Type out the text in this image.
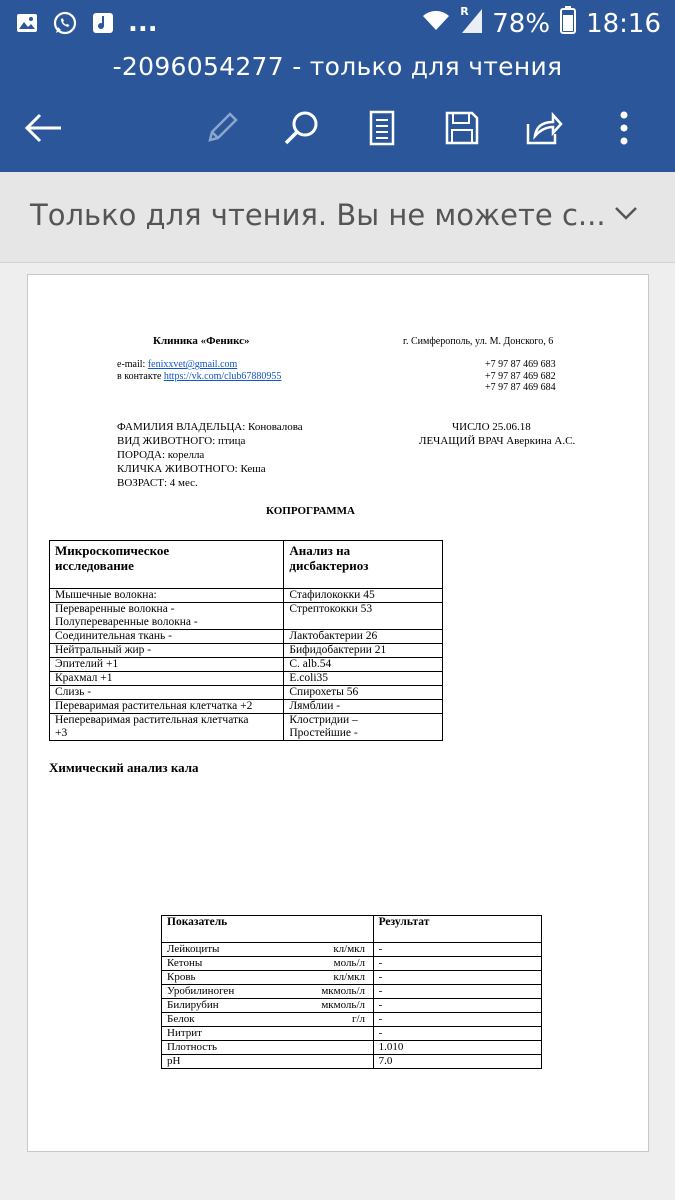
...	R 78% 18:16
-2096054277 - только для чтения
Только для чтения. Вы не можете с...
Клиника «Феникс»	г. Симферополь, ул. М. Донского, 6
e-mail: fenixxvet@gmail.com
в контакте https://vk.com/club67880955
+7 97 87 469 683
+7 97 87 469 682
+7 97 87 469 684
ФАМИЛИЯ ВЛАДЕЛЬЦА: Коновалова	ЧИСЛО 25.06.18
ВИД ЖИВОТНОГО: птица	ЛЕЧАЩИЙ ВРАЧ Аверкина А.С.
ПОРОДА: корелла
КЛИЧКА ЖИВОТНОГО: Кеша
ВОЗРАСТ: 4 мес.
КОПРОГРАММА
Микроскопическое
исследование	Анализ на
дисбактериоз
Мышечные волокна:	Стафилококки 45
Переваренные волокна -
Полупереваренные волокна -	Стрептококки 53
Соединительная ткань -	Лактобактерии 26
Нейтральный жир -	Бифидобактерии 21
Эпителий +1	C. alb.54
Крахмал +1	E.coli35
Слизь -	Спирохеты 56
Переваримая растительная клетчатка +2	Лямблии -
Непереваримая растительная клетчатка
+3	Клостридии –
Простейшие -
Химический анализ кала
Показатель	Результат
Лейкоциты кл/мкл	-
Кетоны моль/л	-
Кровь кл/мкл	-
Уробилиноген мкмоль/л	-
Билирубин мкмоль/л	-
Белок г/л	-
Нитрит	-
Плотность	1.010
pH	7.0
